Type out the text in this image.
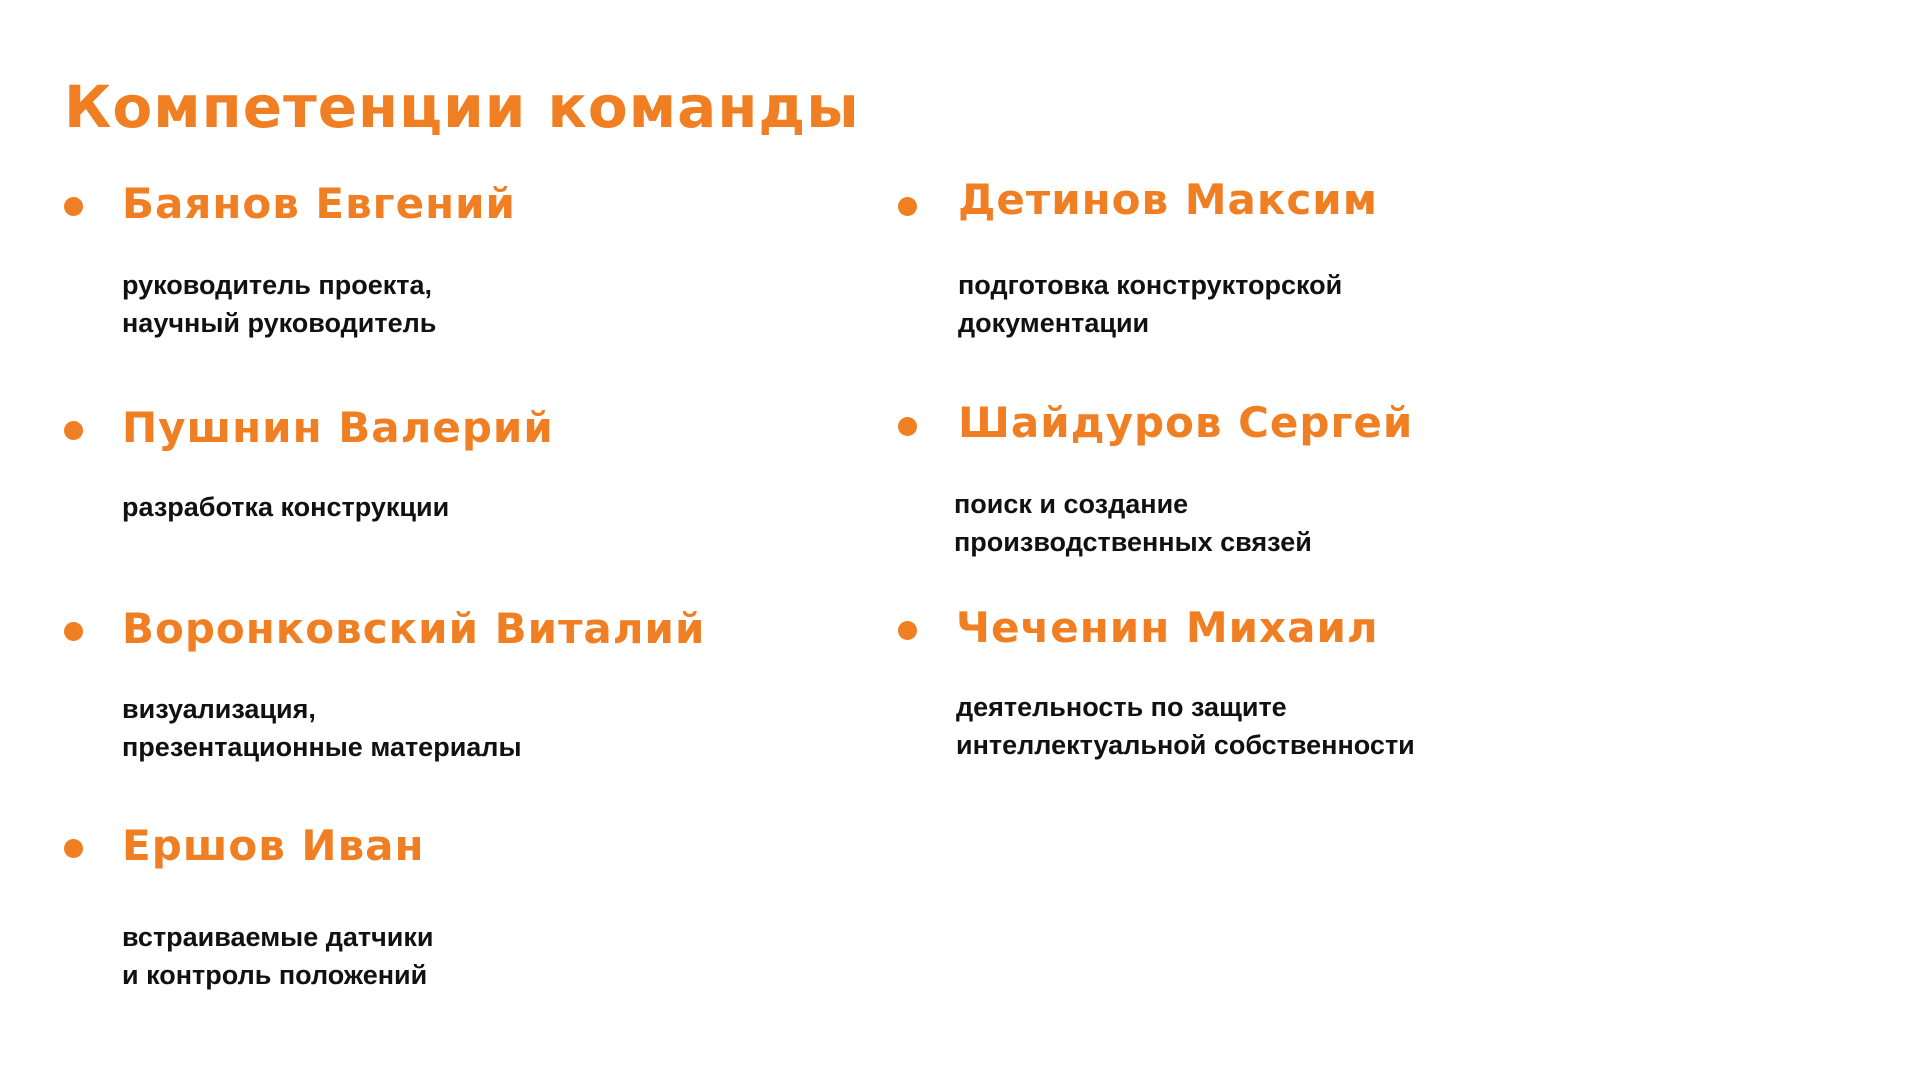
Компетенции команды
Баянов Евгений

руководитель проекта,
научный руководитель

Пушнин Валерий

разработка конструкции

Воронковский Виталий

визуализация,
презентационные материалы

Ершов Иван

встраиваемые датчики
и контроль положений

Детинов Максим

подготовка конструкторской
документации

Шайдуров Сергей

поиск и создание
производственных связей

Чеченин Михаил

деятельность по защите
интеллектуальной собственности
